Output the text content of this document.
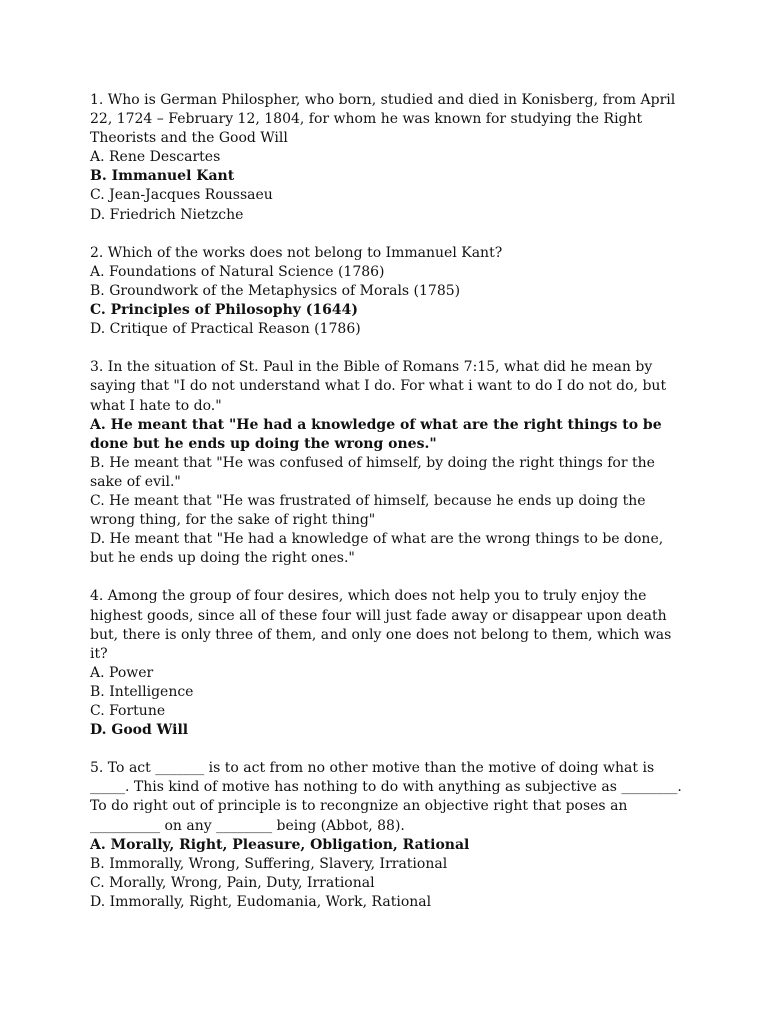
1. Who is German Philospher, who born, studied and died in Konisberg, from April 22, 1724 – February 12, 1804, for whom he was known for studying the Right Theorists and the Good Will
A. Rene Descartes
B. Immanuel Kant
C. Jean-Jacques Roussaeu
D. Friedrich Nietzche
2. Which of the works does not belong to Immanuel Kant?
A. Foundations of Natural Science (1786)
B. Groundwork of the Metaphysics of Morals (1785)
C. Principles of Philosophy (1644)
D. Critique of Practical Reason (1786)
3. In the situation of St. Paul in the Bible of Romans 7:15, what did he mean by saying that "I do not understand what I do. For what i want to do I do not do, but what I hate to do."
A. He meant that "He had a knowledge of what are the right things to be done but he ends up doing the wrong ones."
B. He meant that "He was confused of himself, by doing the right things for the sake of evil."
C. He meant that "He was frustrated of himself, because he ends up doing the wrong thing, for the sake of right thing"
D. He meant that "He had a knowledge of what are the wrong things to be done, but he ends up doing the right ones."
4. Among the group of four desires, which does not help you to truly enjoy the highest goods, since all of these four will just fade away or disappear upon death but, there is only three of them, and only one does not belong to them, which was it?
A. Power
B. Intelligence
C. Fortune
D. Good Will
5. To act _______ is to act from no other motive than the motive of doing what is _____. This kind of motive has nothing to do with anything as subjective as ________. To do right out of principle is to recongnize an objective right that poses an __________ on any ________ being (Abbot, 88).
A. Morally, Right, Pleasure, Obligation, Rational
B. Immorally, Wrong, Suffering, Slavery, Irrational
C. Morally, Wrong, Pain, Duty, Irrational
D. Immorally, Right, Eudomania, Work, Rational
